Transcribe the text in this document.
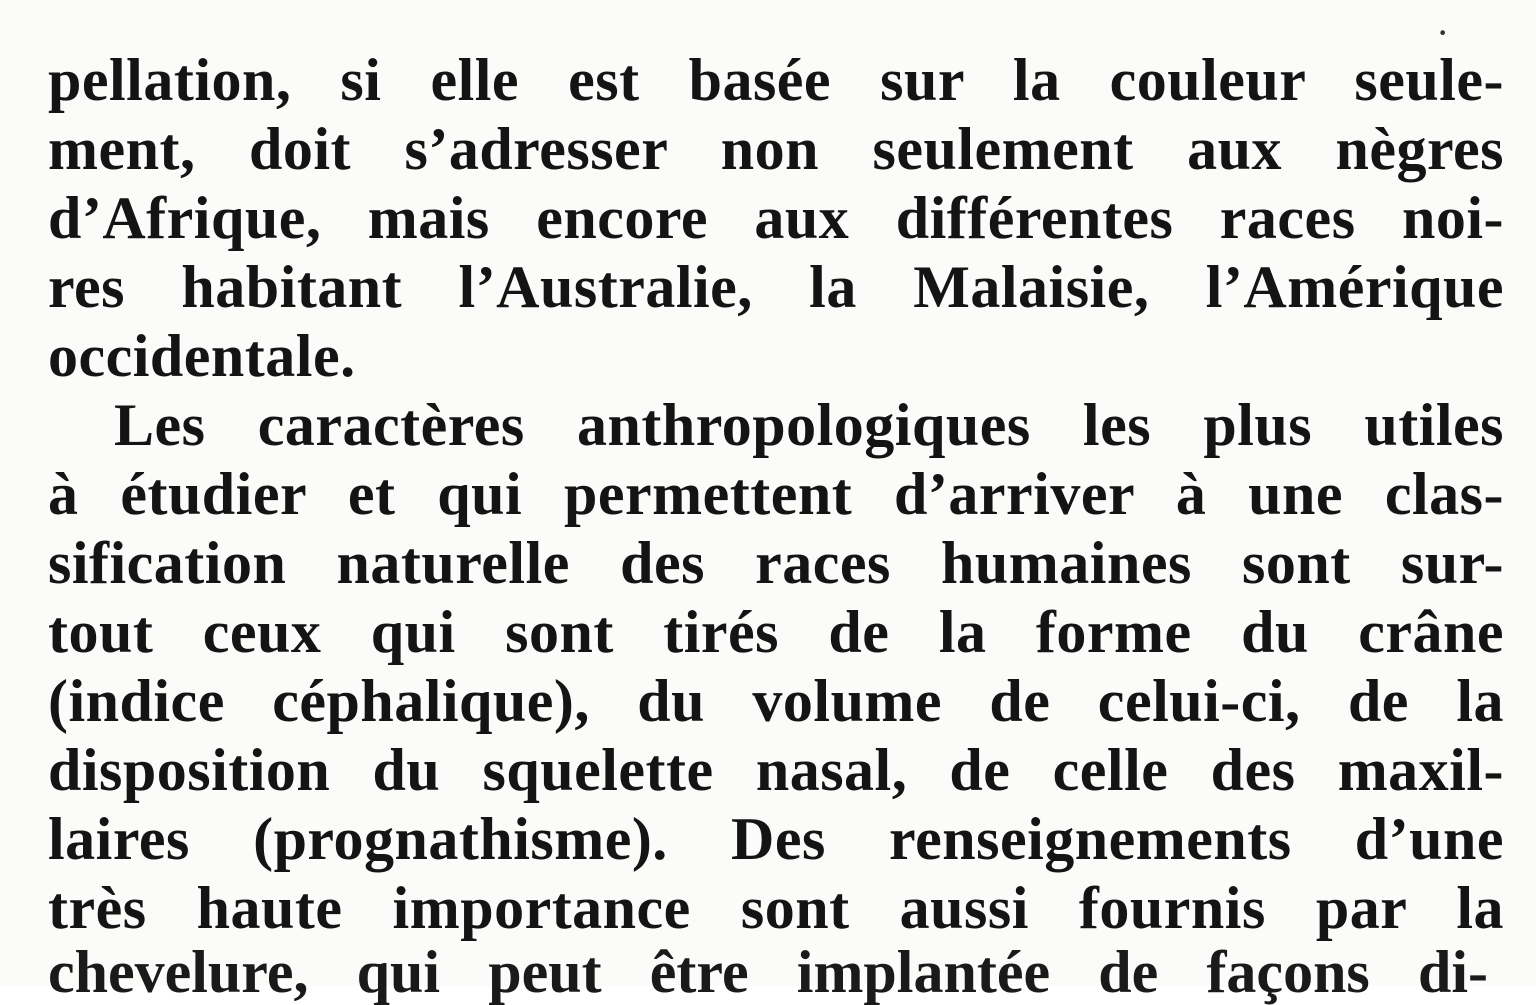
·
pellation, si elle est basée sur la couleur seule-
ment, doit s’adresser non seulement aux nègres
d’Afrique, mais encore aux différentes races noi-
res habitant l’Australie, la Malaisie, l’Amérique
occidentale.
Les caractères anthropologiques les plus utiles
à étudier et qui permettent d’arriver à une clas-
sification naturelle des races humaines sont sur-
tout ceux qui sont tirés de la forme du crâne
(indice céphalique), du volume de celui-ci, de la
disposition du squelette nasal, de celle des maxil-
laires (prognathisme). Des renseignements d’une
très haute importance sont aussi fournis par la
chevelure, qui peut être implantée de façons di-
